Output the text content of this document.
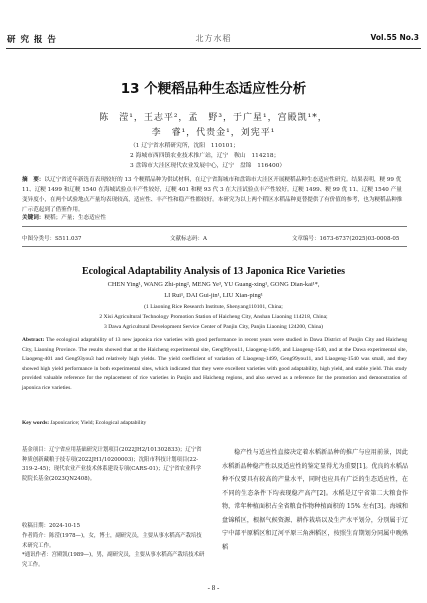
研 究 报 告	北方水稻	Vol.55 No.3
13 个粳稻品种生态适应性分析
陈　滢¹，王志平²，孟　野³，于广星¹，宫殿凯¹*，
李　睿¹，代贵金¹，刘宪平¹
（1 辽宁省水稻研究所，沈阳　110101；
2 海城市西四镇农业技术推广站，辽宁　鞍山　114218；
3 盘锦市大洼区现代农业发展中心，辽宁　盘锦　116400）
摘　要：以辽宁省近年新选育表现较好的 13 个粳稻品种为供试材料，在辽宁省海城市和盘锦市大洼区开展粳稻品种生态适应性研究。结果表明，粳 99 优 11、辽粳 1499 和辽粳 1540 在海城试验点丰产性较好，辽粳 401 和粳 93 代 3 在大洼试验点丰产性较好。辽粳 1499、粳 99 优 11、辽粳 1540 产量变异度小，在两个试验地点产量均表现较高，适应性、丰产性和稳产性都较好。本研究为以上两个稻区水稻品种更替提供了有价值的参考，也为粳稻品种推广示范起到了借鉴作用。
关键词：粳稻；产量；生态适应性
中图分类号：S511.037	文献标志码：A	文章编号：1673-6737(2025)03-0008-05
Ecological Adaptability Analysis of 13 Japonica Rice Varieties
CHEN Ying¹, WANG Zhi-ping², MENG Ye³, YU Guang-xing¹, GONG Dian-kai¹*,
LI Rui¹, DAI Gui-jin¹, LIU Xian-ping¹
(1 Liaoning Rice Research Institute, Shenyang110101, China;
2 Xisi Agricultural Technology Promotion Station of Haicheng City, Anshan Liaoning 114218, China;
3 Dawa Agricultural Development Service Center of Panjin City, Panjin Liaoning 124200, China)
Abstract: The ecological adaptability of 13 new japonica rice varieties with good performance in recent years were studied in Dawa District of Panjin City and Haicheng City, Liaoning Province. The results showed that at the Haicheng experimental site, Geng99you11, Liaogeng-1499, and Liaogeng-1540, and at the Dawa experimental site, Liaogeng-401 and Geng93you3 had relatively high yields. The yield coefficient of variation of Liaogeng-1499, Geng99you11, and Liaogeng-1540 was small, and they showed high yield performance in both experimental sites, which indicated that they were excellent varieties with good adaptability, high yield, and stable yield. This study provided valuable reference for the replacement of rice varieties in Panjin and Haicheng regions, and also served as a reference for the promotion and demonstration of japonica rice varieties.
Key words: Japonicarice; Yield; Ecological adaptability
基金项目：辽宁省应用基础研究计划项目(2022JH2/101302833)；辽宁省种质创新藏粮于技专项(2022JH1/10200003)；沈阳市科技计划项目(22-319-2-45)；现代农业产业技术体系建设专项(CARS-01)；辽宁省农业科学院院长基金(2023QN2408)。
收稿日期：2024-10-15
作者简介：陈滢(1978—)，女，博士，副研究员，主要从事水稻高产栽培技术研究工作。
*通讯作者：宫殿凯(1989—)，男，副研究员，主要从事水稻高产栽培技术研究工作。
稳产性与适应性直接决定着水稻新品种的推广与应用前景，因此水稻新品种稳产性以及适应性的鉴定显得尤为重要[1]。优良的水稻品种不仅要具有较高的产量水平，同时也应具有广泛的生态适应性，在不同的生态条件下均表现稳产高产[2]。水稻是辽宁省第二大粮食作物，常年种植面积占全省粮食作物种植面积的 15% 左右[3]。海城和盘锦稻区，根据气候资源、耕作栽培以及生产水平划分，分别属于辽宁中部平原稻区和辽河平原三角洲稻区，按照生育期划分同属中晚熟稻
- 8 -
